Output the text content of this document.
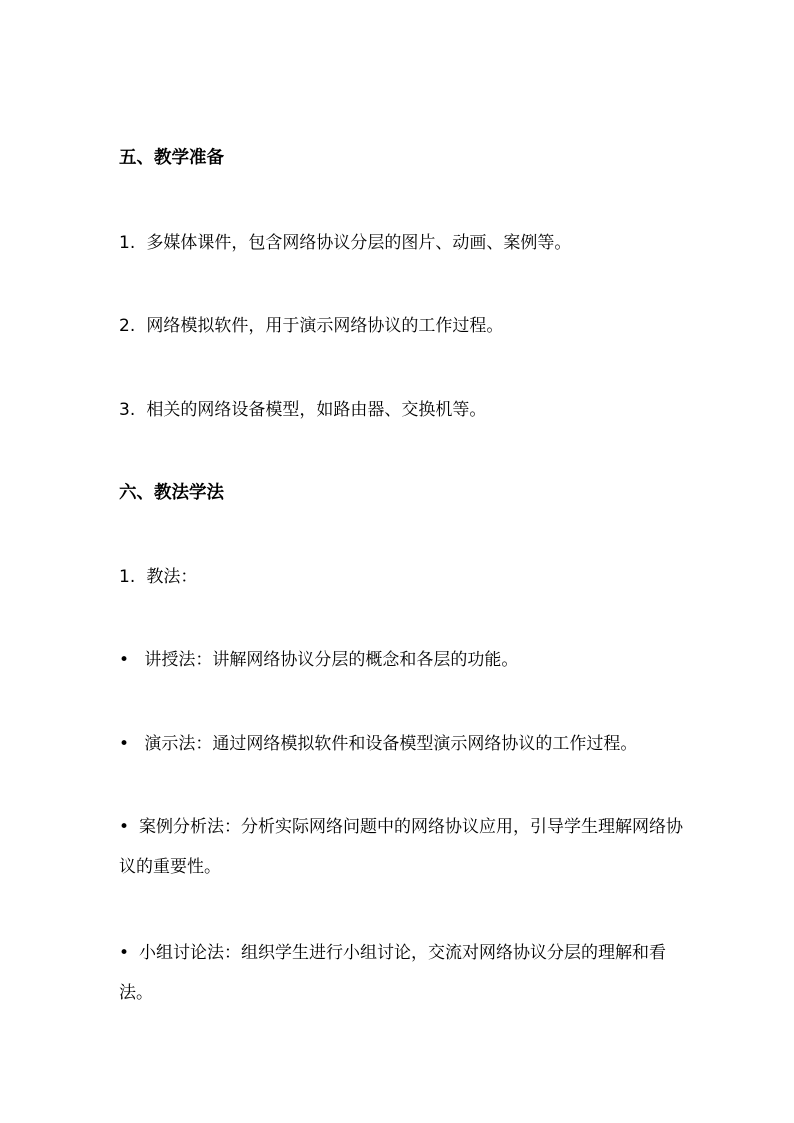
五、教学准备
1. 多媒体课件，包含网络协议分层的图片、动画、案例等。
2. 网络模拟软件，用于演示网络协议的工作过程。
3. 相关的网络设备模型，如路由器、交换机等。
六、教法学法
1. 教法：
• 讲授法：讲解网络协议分层的概念和各层的功能。
• 演示法：通过网络模拟软件和设备模型演示网络协议的工作过程。
• 案例分析法：分析实际网络问题中的网络协议应用，引导学生理解网络协议的重要性。
• 小组讨论法：组织学生进行小组讨论，交流对网络协议分层的理解和看法。
